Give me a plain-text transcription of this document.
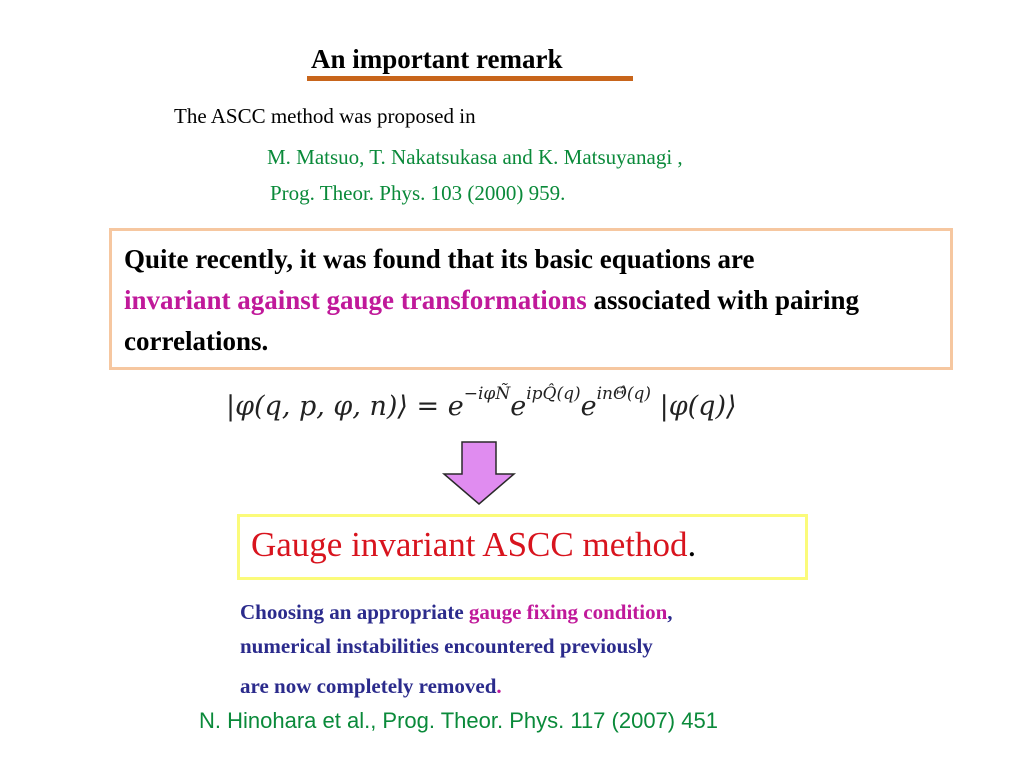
An important remark
The ASCC method was proposed in
M. Matsuo, T. Nakatsukasa and K. Matsuyanagi ,
Prog. Theor. Phys. 103 (2000) 959.
Quite recently, it was found that its basic equations are
invariant against gauge transformations associated with pairing correlations.
|φ(q, p, φ, n)⟩ = $e^{-i\varphi Ñ}e^{ipQ̂(q)}e^{in\Thetâ(q)}$ |φ(q)⟩
Gauge invariant ASCC method.
Choosing an appropriate gauge fixing condition,
numerical instabilities encountered previously
are now completely removed.
N. Hinohara et al., Prog. Theor. Phys. 117 (2007) 451
